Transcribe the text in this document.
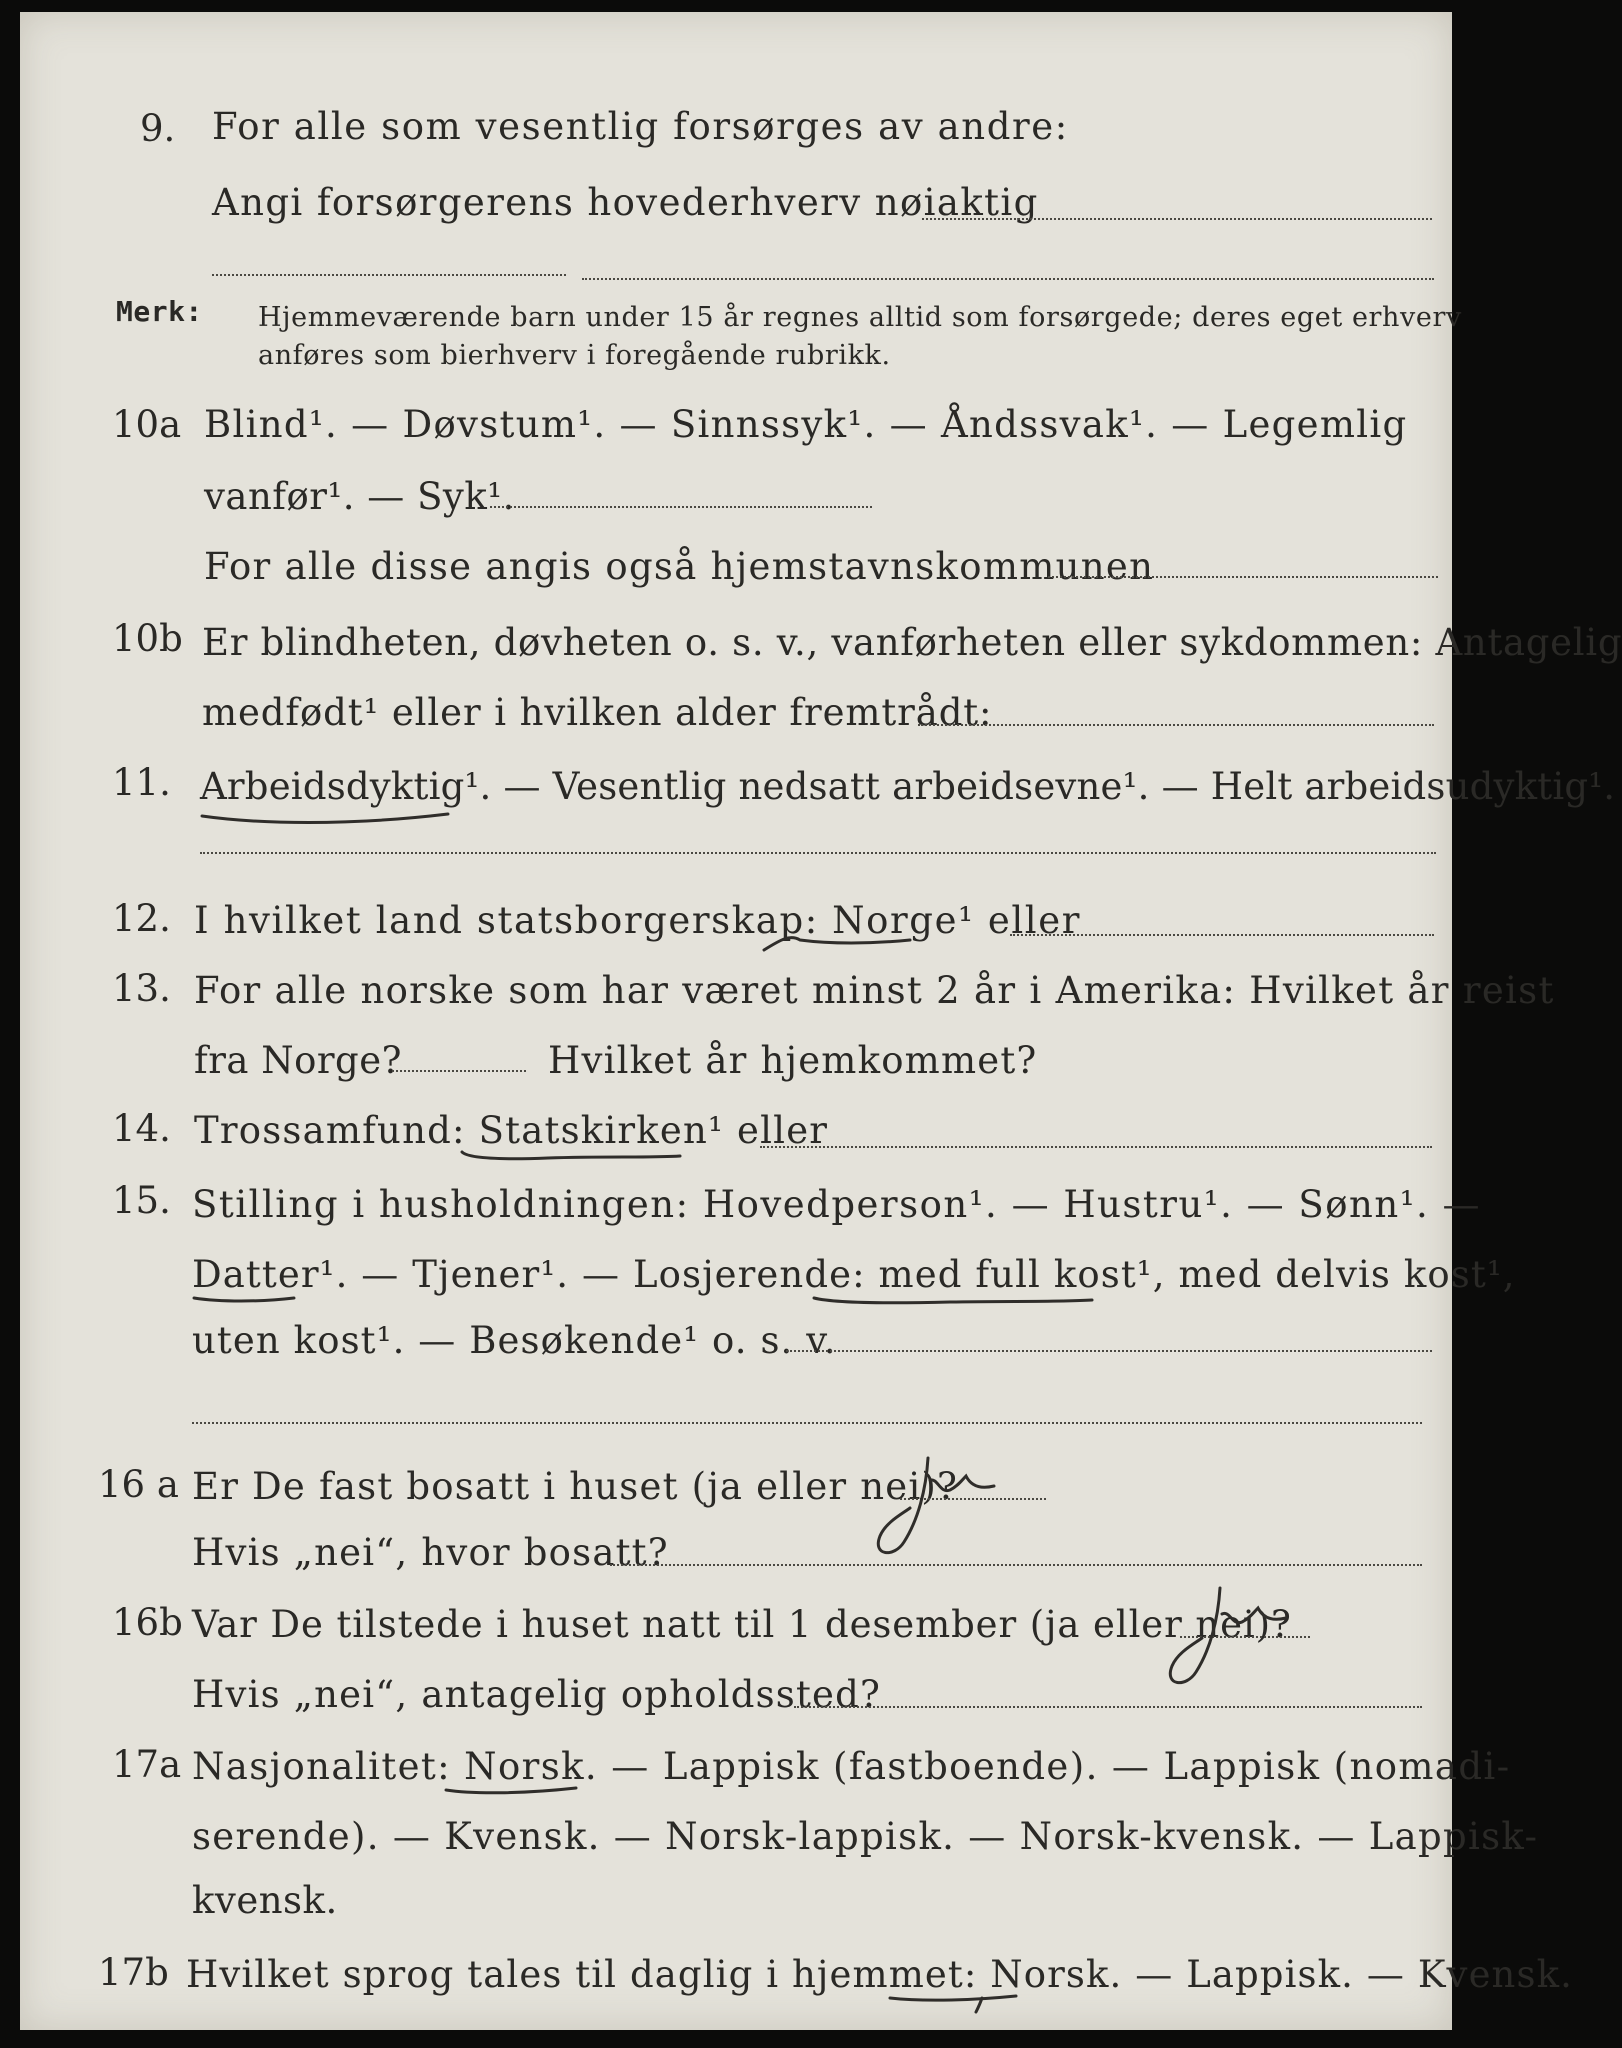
9. For alle som vesentlig forsørges av andre:
Angi forsørgerens hovederhverv nøiaktig
Merk: Hjemmeværende barn under 15 år regnes alltid som forsørgede; deres eget erhverv
anføres som bierhverv i foregående rubrikk.
10a Blind¹. — Døvstum¹. — Sinnssyk¹. — Åndssvak¹. — Legemlig
vanfør¹. — Syk¹.
For alle disse angis også hjemstavnskommunen
10b Er blindheten, døvheten o. s. v., vanførheten eller sykdommen: Antagelig
medfødt¹ eller i hvilken alder fremtrådt:
11. Arbeidsdyktig¹. — Vesentlig nedsatt arbeidsevne¹. — Helt arbeidsudyktig¹.
12. I hvilket land statsborgerskap: Norge¹ eller
13. For alle norske som har været minst 2 år i Amerika: Hvilket år reist
fra Norge?	Hvilket år hjemkommet?
14. Trossamfund: Statskirken¹ eller
15. Stilling i husholdningen: Hovedperson¹. — Hustru¹. — Sønn¹. —
Datter¹. — Tjener¹. — Losjerende: med full kost¹, med delvis kost¹,
uten kost¹. — Besøkende¹ o. s. v.
16 a Er De fast bosatt i huset (ja eller nei)?
Hvis „nei“, hvor bosatt?
16b Var De tilstede i huset natt til 1 desember (ja eller nei)?
Hvis „nei“, antagelig opholdssted?
17a Nasjonalitet: Norsk. — Lappisk (fastboende). — Lappisk (nomadi-
serende). — Kvensk. — Norsk-lappisk. — Norsk-kvensk. — Lappisk-
kvensk.
17b Hvilket sprog tales til daglig i hjemmet: Norsk. — Lappisk. — Kvensk.
